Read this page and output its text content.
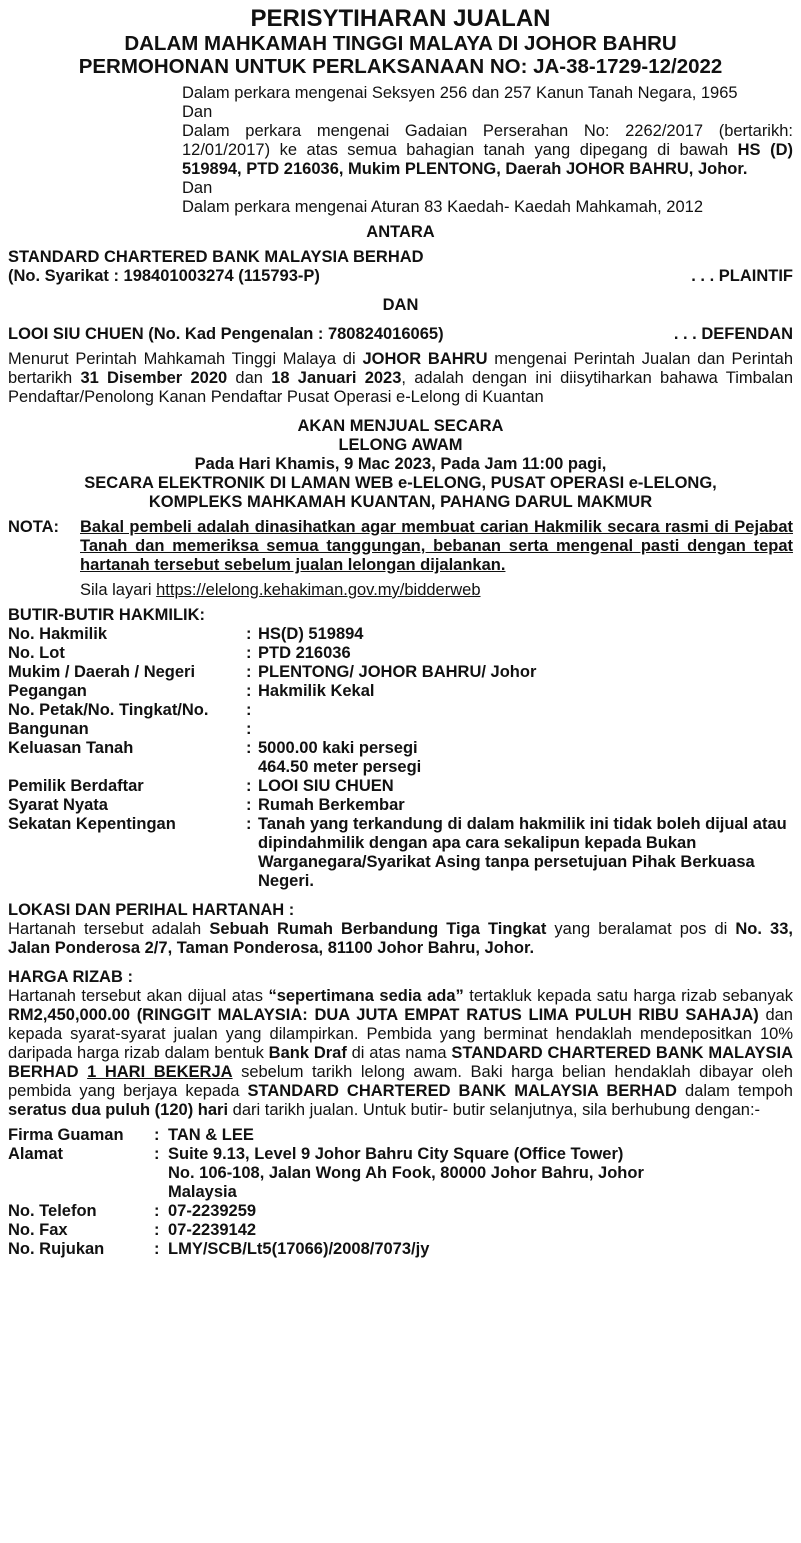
PERISYTIHARAN JUALAN
DALAM MAHKAMAH TINGGI MALAYA DI JOHOR BAHRU
PERMOHONAN UNTUK PERLAKSANAAN NO: JA-38-1729-12/2022
Dalam perkara mengenai Seksyen 256 dan 257 Kanun Tanah Negara, 1965
Dan
Dalam perkara mengenai Gadaian Perserahan No: 2262/2017 (bertarikh: 12/01/2017) ke atas semua bahagian tanah yang dipegang di bawah HS (D) 519894, PTD 216036, Mukim PLENTONG, Daerah JOHOR BAHRU, Johor.
Dan
Dalam perkara mengenai Aturan 83 Kaedah- Kaedah Mahkamah, 2012
ANTARA
STANDARD CHARTERED BANK MALAYSIA BERHAD
(No. Syarikat : 198401003274 (115793-P)	. . . PLAINTIF
DAN
LOOI SIU CHUEN (No. Kad Pengenalan : 780824016065)	. . . DEFENDAN
Menurut Perintah Mahkamah Tinggi Malaya di JOHOR BAHRU mengenai Perintah Jualan dan Perintah bertarikh 31 Disember 2020 dan 18 Januari 2023, adalah dengan ini diisytiharkan bahawa Timbalan Pendaftar/Penolong Kanan Pendaftar Pusat Operasi e-Lelong di Kuantan
AKAN MENJUAL SECARA
LELONG AWAM
Pada Hari Khamis, 9 Mac 2023, Pada Jam 11:00 pagi,
SECARA ELEKTRONIK DI LAMAN WEB e-LELONG, PUSAT OPERASI e-LELONG,
KOMPLEKS MAHKAMAH KUANTAN, PAHANG DARUL MAKMUR
NOTA:	Bakal pembeli adalah dinasihatkan agar membuat carian Hakmilik secara rasmi di Pejabat Tanah dan memeriksa semua tanggungan, bebanan serta mengenal pasti dengan tepat hartanah tersebut sebelum jualan lelongan dijalankan.
Sila layari https://elelong.kehakiman.gov.my/bidderweb
BUTIR-BUTIR HAKMILIK:
No. Hakmilik	: HS(D) 519894
No. Lot	: PTD 216036
Mukim / Daerah / Negeri	: PLENTONG/ JOHOR BAHRU/ Johor
Pegangan	: Hakmilik Kekal
No. Petak/No. Tingkat/No.	:
Bangunan	:
Keluasan Tanah	: 5000.00 kaki persegi
464.50 meter persegi
Pemilik Berdaftar	: LOOI SIU CHUEN
Syarat Nyata	: Rumah Berkembar
Sekatan Kepentingan	: Tanah yang terkandung di dalam hakmilik ini tidak boleh dijual atau dipindahmilik dengan apa cara sekalipun kepada Bukan Warganegara/Syarikat Asing tanpa persetujuan Pihak Berkuasa Negeri.
LOKASI DAN PERIHAL HARTANAH :
Hartanah tersebut adalah Sebuah Rumah Berbandung Tiga Tingkat yang beralamat pos di No. 33, Jalan Ponderosa 2/7, Taman Ponderosa, 81100 Johor Bahru, Johor.
HARGA RIZAB :
Hartanah tersebut akan dijual atas “sepertimana sedia ada” tertakluk kepada satu harga rizab sebanyak RM2,450,000.00 (RINGGIT MALAYSIA: DUA JUTA EMPAT RATUS LIMA PULUH RIBU SAHAJA) dan kepada syarat-syarat jualan yang dilampirkan. Pembida yang berminat hendaklah mendepositkan 10% daripada harga rizab dalam bentuk Bank Draf di atas nama STANDARD CHARTERED BANK MALAYSIA BERHAD 1 HARI BEKERJA sebelum tarikh lelong awam. Baki harga belian hendaklah dibayar oleh pembida yang berjaya kepada STANDARD CHARTERED BANK MALAYSIA BERHAD dalam tempoh seratus dua puluh (120) hari dari tarikh jualan. Untuk butir- butir selanjutnya, sila berhubung dengan:-
Firma Guaman	: TAN & LEE
Alamat	: Suite 9.13, Level 9 Johor Bahru City Square (Office Tower)
No. 106-108, Jalan Wong Ah Fook, 80000 Johor Bahru, Johor
Malaysia
No. Telefon	: 07-2239259
No. Fax	: 07-2239142
No. Rujukan	: LMY/SCB/Lt5(17066)/2008/7073/jy
